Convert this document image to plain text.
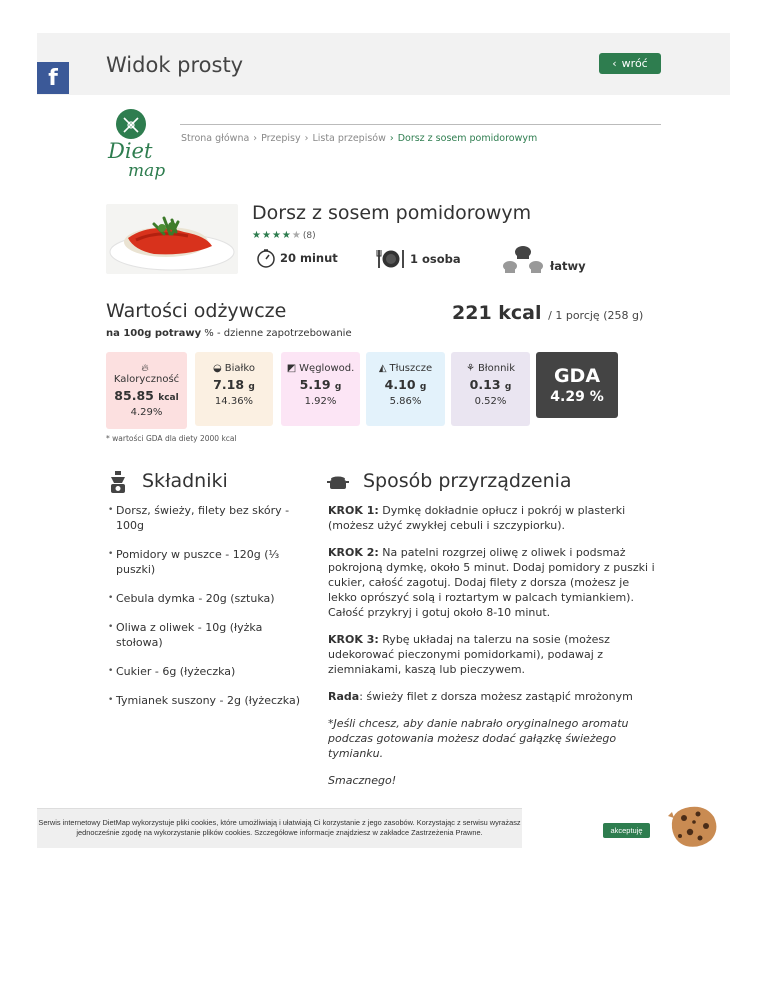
Widok prosty	‹ wróć
f
Diet
map
Strona główna › Przepisy › Lista przepisów › Dorsz z sosem pomidorowym
Dorsz z sosem pomidorowym
★ ★ ★ ★ ★ (8)
20 minut	1 osoba	łatwy
Wartości odżywcze	221 kcal / 1 porcję (258 g)
na 100g potrawy % - dzienne zapotrzebowanie
🔥︎
Kaloryczność
85.85 kcal
4.29%
◒ Białko
7.18 g
14.36%
◩ Węglowod.
5.19 g
1.92%
◭ Tłuszcze
4.10 g
5.86%
⚘ Błonnik
0.13 g
0.52%
GDA
4.29 %
* wartości GDA dla diety 2000 kcal
Składniki	Sposób przyrządzenia
• Dorsz, świeży, filety bez skóry - 100g
• Pomidory w puszce - 120g (⅓ puszki)
• Cebula dymka - 20g (sztuka)
• Oliwa z oliwek - 10g (łyżka stołowa)
• Cukier - 6g (łyżeczka)
• Tymianek suszony - 2g (łyżeczka)

KROK 1: Dymkę dokładnie opłucz i pokrój w plasterki (możesz użyć zwykłej cebuli i szczypiorku).

KROK 2: Na patelni rozgrzej oliwę z oliwek i podsmaż pokrojoną dymkę, około 5 minut. Dodaj pomidory z puszki i cukier, całość zagotuj. Dodaj filety z dorsza (możesz je lekko oprószyć solą i roztartym w palcach tymiankiem). Całość przykryj i gotuj około 8-10 minut.

KROK 3: Rybę układaj na talerzu na sosie (możesz udekorować pieczonymi pomidorkami), podawaj z ziemniakami, kaszą lub pieczywem.

Rada: świeży filet z dorsza możesz zastąpić mrożonym

*Jeśli chcesz, aby danie nabrało oryginalnego aromatu podczas gotowania możesz dodać gałązkę świeżego tymianku.

Smacznego!

Serwis internetowy DietMap wykorzystuje pliki cookies, które umożliwiają i ułatwiają Ci korzystanie z jego zasobów. Korzystając z serwisu wyrażasz jednocześnie zgodę na wykorzystanie plików cookies. Szczegółowe informacje znajdziesz w zakładce Zastrzeżenia Prawne.	akceptuję
